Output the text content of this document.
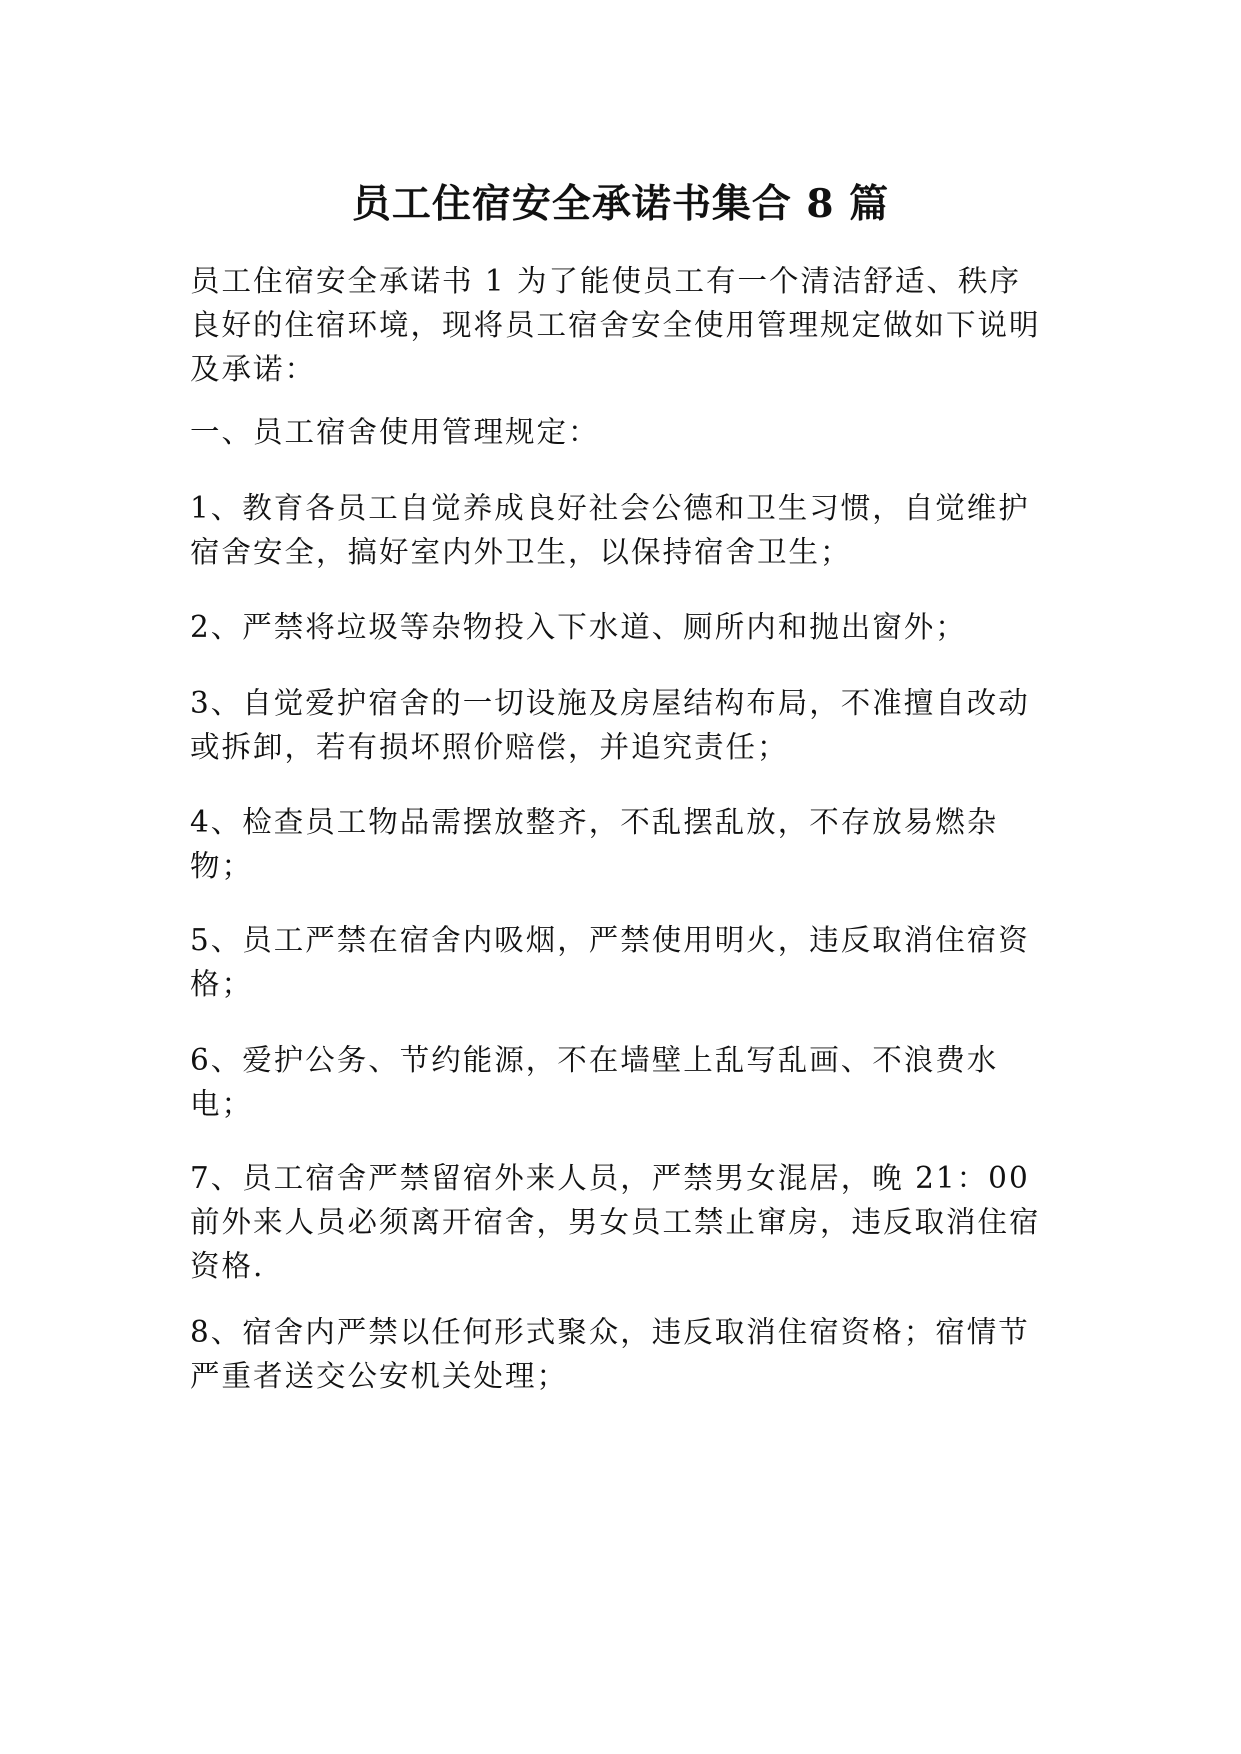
员工住宿安全承诺书集合 8 篇

员工住宿安全承诺书 1 为了能使员工有一个清洁舒适、秩序良好的住宿环境，现将员工宿舍安全使用管理规定做如下说明及承诺：

一、员工宿舍使用管理规定：

1、教育各员工自觉养成良好社会公德和卫生习惯，自觉维护宿舍安全，搞好室内外卫生，以保持宿舍卫生；

2、严禁将垃圾等杂物投入下水道、厕所内和抛出窗外；

3、自觉爱护宿舍的一切设施及房屋结构布局，不准擅自改动或拆卸，若有损坏照价赔偿，并追究责任；

4、检查员工物品需摆放整齐，不乱摆乱放，不存放易燃杂物；

5、员工严禁在宿舍内吸烟，严禁使用明火，违反取消住宿资格；

6、爱护公务、节约能源，不在墙壁上乱写乱画、不浪费水电；

7、员工宿舍严禁留宿外来人员，严禁男女混居，晚 21：00 前外来人员必须离开宿舍，男女员工禁止窜房，违反取消住宿资格.

8、宿舍内严禁以任何形式聚众，违反取消住宿资格；宿情节严重者送交公安机关处理；
